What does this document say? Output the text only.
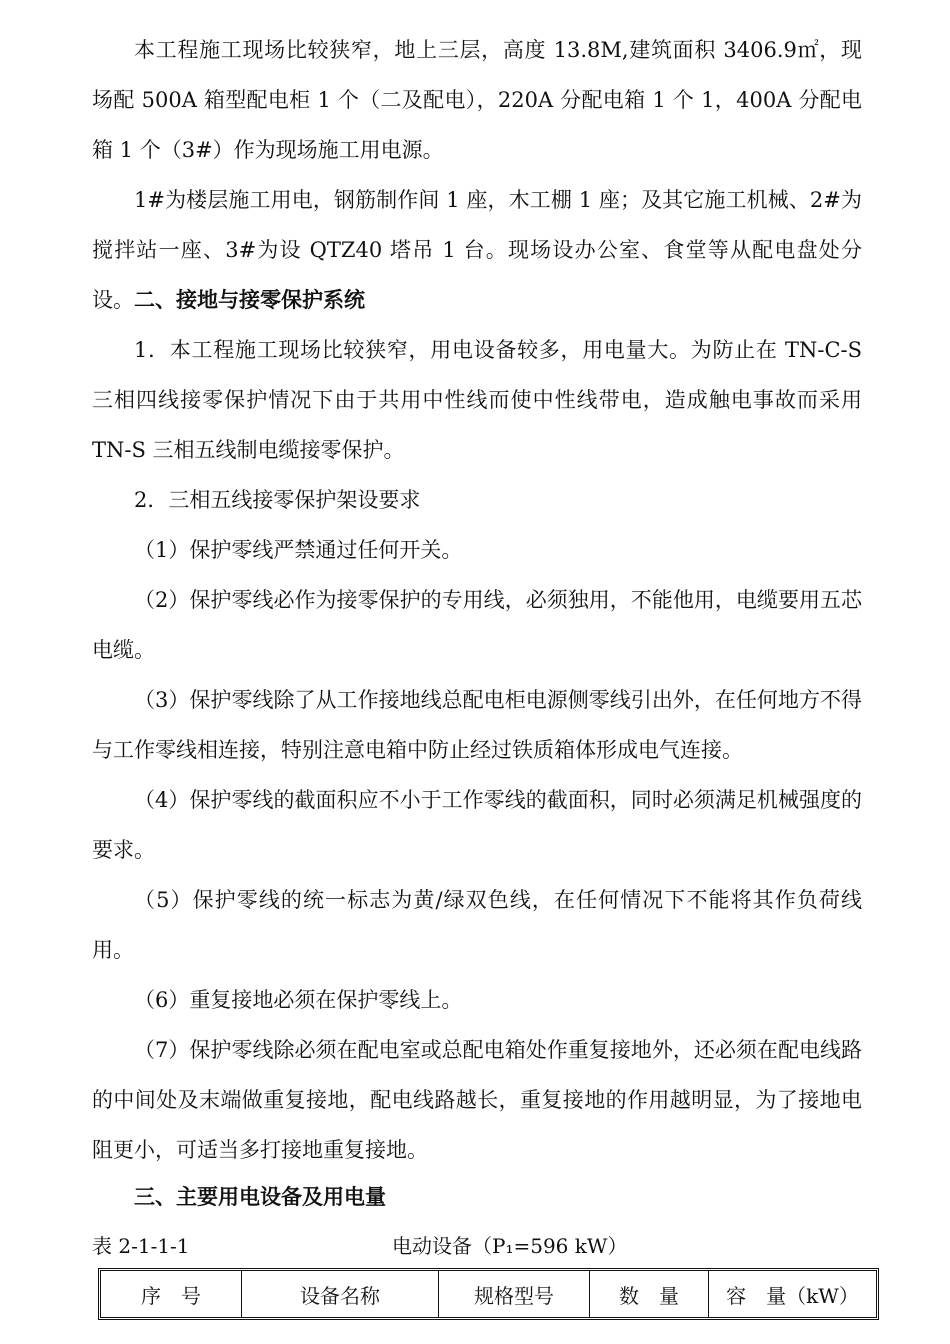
本工程施工现场比较狭窄，地上三层，高度 13.8M,建筑面积 3406.9㎡，现场配 500A 箱型配电柜 1 个（二及配电），220A 分配电箱 1 个 1，400A 分配电箱 1 个（3#）作为现场施工用电源。

1#为楼层施工用电，钢筋制作间 1 座，木工棚 1 座；及其它施工机械、2#为搅拌站一座、3#为设 QTZ40 塔吊 1 台。现场设办公室、食堂等从配电盘处分设。 二、接地与接零保护系统

1．本工程施工现场比较狭窄，用电设备较多，用电量大。为防止在 TN-C-S 三相四线接零保护情况下由于共用中性线而使中性线带电，造成触电事故而采用 TN-S 三相五线制电缆接零保护。

2．三相五线接零保护架设要求

（1）保护零线严禁通过任何开关。

（2）保护零线必作为接零保护的专用线，必须独用，不能他用，电缆要用五芯电缆。

（3）保护零线除了从工作接地线总配电柜电源侧零线引出外，在任何地方不得与工作零线相连接，特别注意电箱中防止经过铁质箱体形成电气连接。

（4）保护零线的截面积应不小于工作零线的截面积，同时必须满足机械强度的要求。

（5）保护零线的统一标志为黄/绿双色线，在任何情况下不能将其作负荷线用。

（6）重复接地必须在保护零线上。

（7）保护零线除必须在配电室或总配电箱处作重复接地外，还必须在配电线路的中间处及末端做重复接地，配电线路越长，重复接地的作用越明显，为了接地电阻更小，可适当多打接地重复接地。

三、主要用电设备及用电量

表 2-1-1-1	电动设备（P₁=596 kW）
序　号	设备名称	规格型号	数　量	容　量（kW）
